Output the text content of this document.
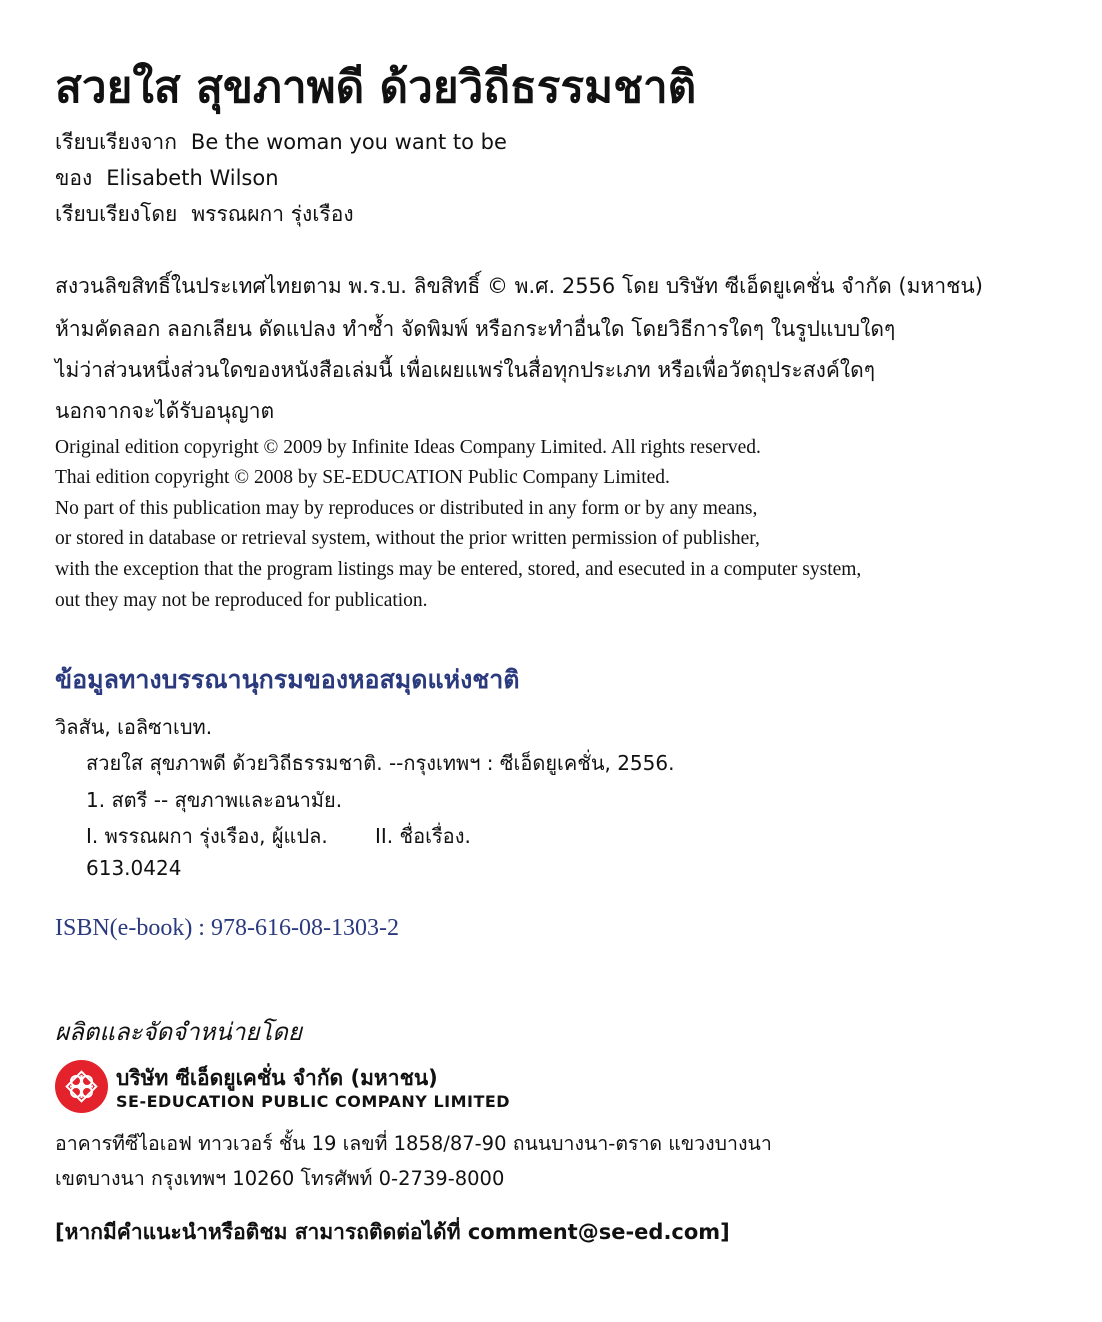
สวยใส สุขภาพดี ด้วยวิถีธรรมชาติ
เรียบเรียงจาก Be the woman you want to be
ของ Elisabeth Wilson
เรียบเรียงโดย พรรณผกา รุ่งเรือง
สงวนลิขสิทธิ์ในประเทศไทยตาม พ.ร.บ. ลิขสิทธิ์ © พ.ศ. 2556 โดย บริษัท ซีเอ็ดยูเคชั่น จำกัด (มหาชน)
ห้ามคัดลอก ลอกเลียน ดัดแปลง ทำซ้ำ จัดพิมพ์ หรือกระทำอื่นใด โดยวิธีการใดๆ ในรูปแบบใดๆ
ไม่ว่าส่วนหนึ่งส่วนใดของหนังสือเล่มนี้ เพื่อเผยแพร่ในสื่อทุกประเภท หรือเพื่อวัตถุประสงค์ใดๆ
นอกจากจะได้รับอนุญาต
Original edition copyright © 2009 by Infinite Ideas Company Limited. All rights reserved.
Thai edition copyright © 2008 by SE-EDUCATION Public Company Limited.
No part of this publication may by reproduces or distributed in any form or by any means,
or stored in database or retrieval system, without the prior written permission of publisher,
with the exception that the program listings may be entered, stored, and esecuted in a computer system,
out they may not be reproduced for publication.
ข้อมูลทางบรรณานุกรมของหอสมุดแห่งชาติ
วิลสัน, เอลิซาเบท.
สวยใส สุขภาพดี ด้วยวิถีธรรมชาติ. --กรุงเทพฯ : ซีเอ็ดยูเคชั่น, 2556.
1. สตรี -- สุขภาพและอนามัย.
I. พรรณผกา รุ่งเรือง, ผู้แปล. II. ชื่อเรื่อง.
613.0424
ISBN(e-book) : 978-616-08-1303-2
ผลิตและจัดจำหน่ายโดย
บริษัท ซีเอ็ดยูเคชั่น จำกัด (มหาชน)
SE-EDUCATION PUBLIC COMPANY LIMITED
อาคารทีซีไอเอฟ ทาวเวอร์ ชั้น 19 เลขที่ 1858/87-90 ถนนบางนา-ตราด แขวงบางนา
เขตบางนา กรุงเทพฯ 10260 โทรศัพท์ 0-2739-8000
[หากมีคำแนะนำหรือติชม สามารถติดต่อได้ที่ comment@se-ed.com]
